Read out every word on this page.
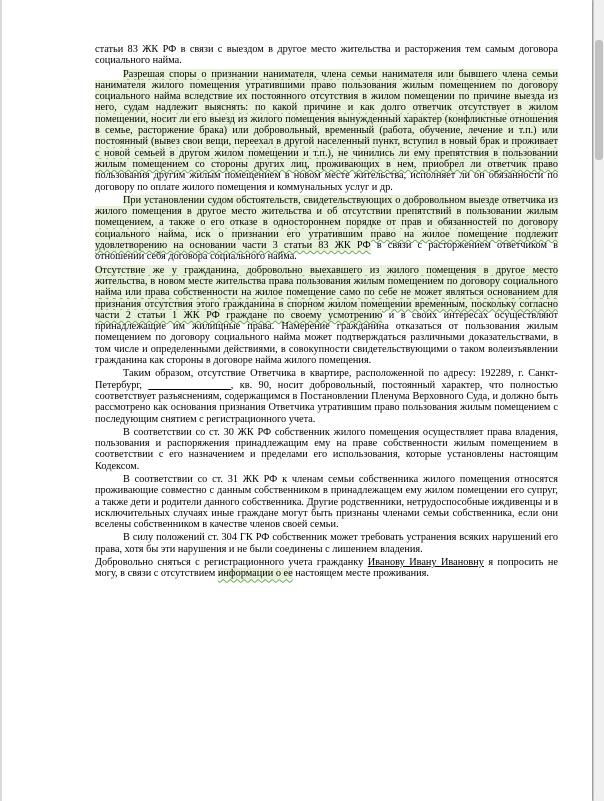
статьи 83 ЖК РФ в связи с выездом в другое место жительства и расторжения тем самым договора социального найма.

Разрешая споры о признании нанимателя, члена семьи нанимателя или бывшего члена семьи нанимателя жилого помещения утратившими право пользования жилым помещением по договору социального найма вследствие их постоянного отсутствия в жилом помещении по причине выезда из него, судам надлежит выяснять: по какой причине и как долго ответчик отсутствует в жилом помещении, носит ли его выезд из жилого помещения вынужденный характер (конфликтные отношения в семье, расторжение брака) или добровольный, временный (работа, обучение, лечение и т.п.) или постоянный (вывез свои вещи, переехал в другой населенный пункт, вступил в новый брак и проживает с новой семьей в другом жилом помещении и т.п.), не чинились ли ему препятствия в пользовании жилым помещением со стороны других лиц, проживающих в нем, приобрел ли ответчик право пользования другим жилым помещением в новом месте жительства, исполняет ли он обязанности по договору по оплате жилого помещения и коммунальных услуг и др.

При установлении судом обстоятельств, свидетельствующих о добровольном выезде ответчика из жилого помещения в другое место жительства и об отсутствии препятствий в пользовании жилым помещением, а также о его отказе в одностороннем порядке от прав и обязанностей по договору социального найма, иск о признании его утратившим право на жилое помещение подлежит удовлетворению на основании части 3 статьи 83 ЖК РФ в связи с расторжением ответчиком в отношении себя договора социального найма.

Отсутствие же у гражданина, добровольно выехавшего из жилого помещения в другое место жительства, в новом месте жительства права пользования жилым помещением по договору социального найма или права собственности на жилое помещение само по себе не может являться основанием для признания отсутствия этого гражданина в спорном жилом помещении временным, поскольку согласно части 2 статьи 1 ЖК РФ граждане по своему усмотрению и в своих интересах осуществляют принадлежащие им жилищные права. Намерение гражданина отказаться от пользования жилым помещением по договору социального найма может подтверждаться различными доказательствами, в том числе и определенными действиями, в совокупности свидетельствующими о таком волеизъявлении гражданина как стороны в договоре найма жилого помещения.

Таким образом, отсутствие Ответчика в квартире, расположенной по адресу: 192289, г. Санкт-Петербург, ________________, кв. 90, носит добровольный, постоянный характер, что полностью соответствует разъяснениям, содержащимся в Постановлении Пленума Верховного Суда, и должно быть рассмотрено как основания признания Ответчика утратившим право пользования жилым помещением с последующим снятием с регистрационного учета.

В соответствии со ст. 30 ЖК РФ собственник жилого помещения осуществляет права владения, пользования и распоряжения принадлежащим ему на праве собственности жилым помещением в соответствии с его назначением и пределами его использования, которые установлены настоящим Кодексом.

В соответствии со ст. 31 ЖК РФ к членам семьи собственника жилого помещения относятся проживающие совместно с данным собственником в принадлежащем ему жилом помещении его супруг, а также дети и родители данного собственника. Другие родственники, нетрудоспособные иждивенцы и в исключительных случаях иные граждане могут быть признаны членами семьи собственника, если они вселены собственником в качестве членов своей семьи.

В силу положений ст. 304 ГК РФ собственник может требовать устранения всяких нарушений его права, хотя бы эти нарушения и не были соединены с лишением владения.

Добровольно сняться с регистрационного учета гражданку Иванову Ивану Ивановну я попросить не могу, в связи с отсутствием информации о ее настоящем месте проживания.
